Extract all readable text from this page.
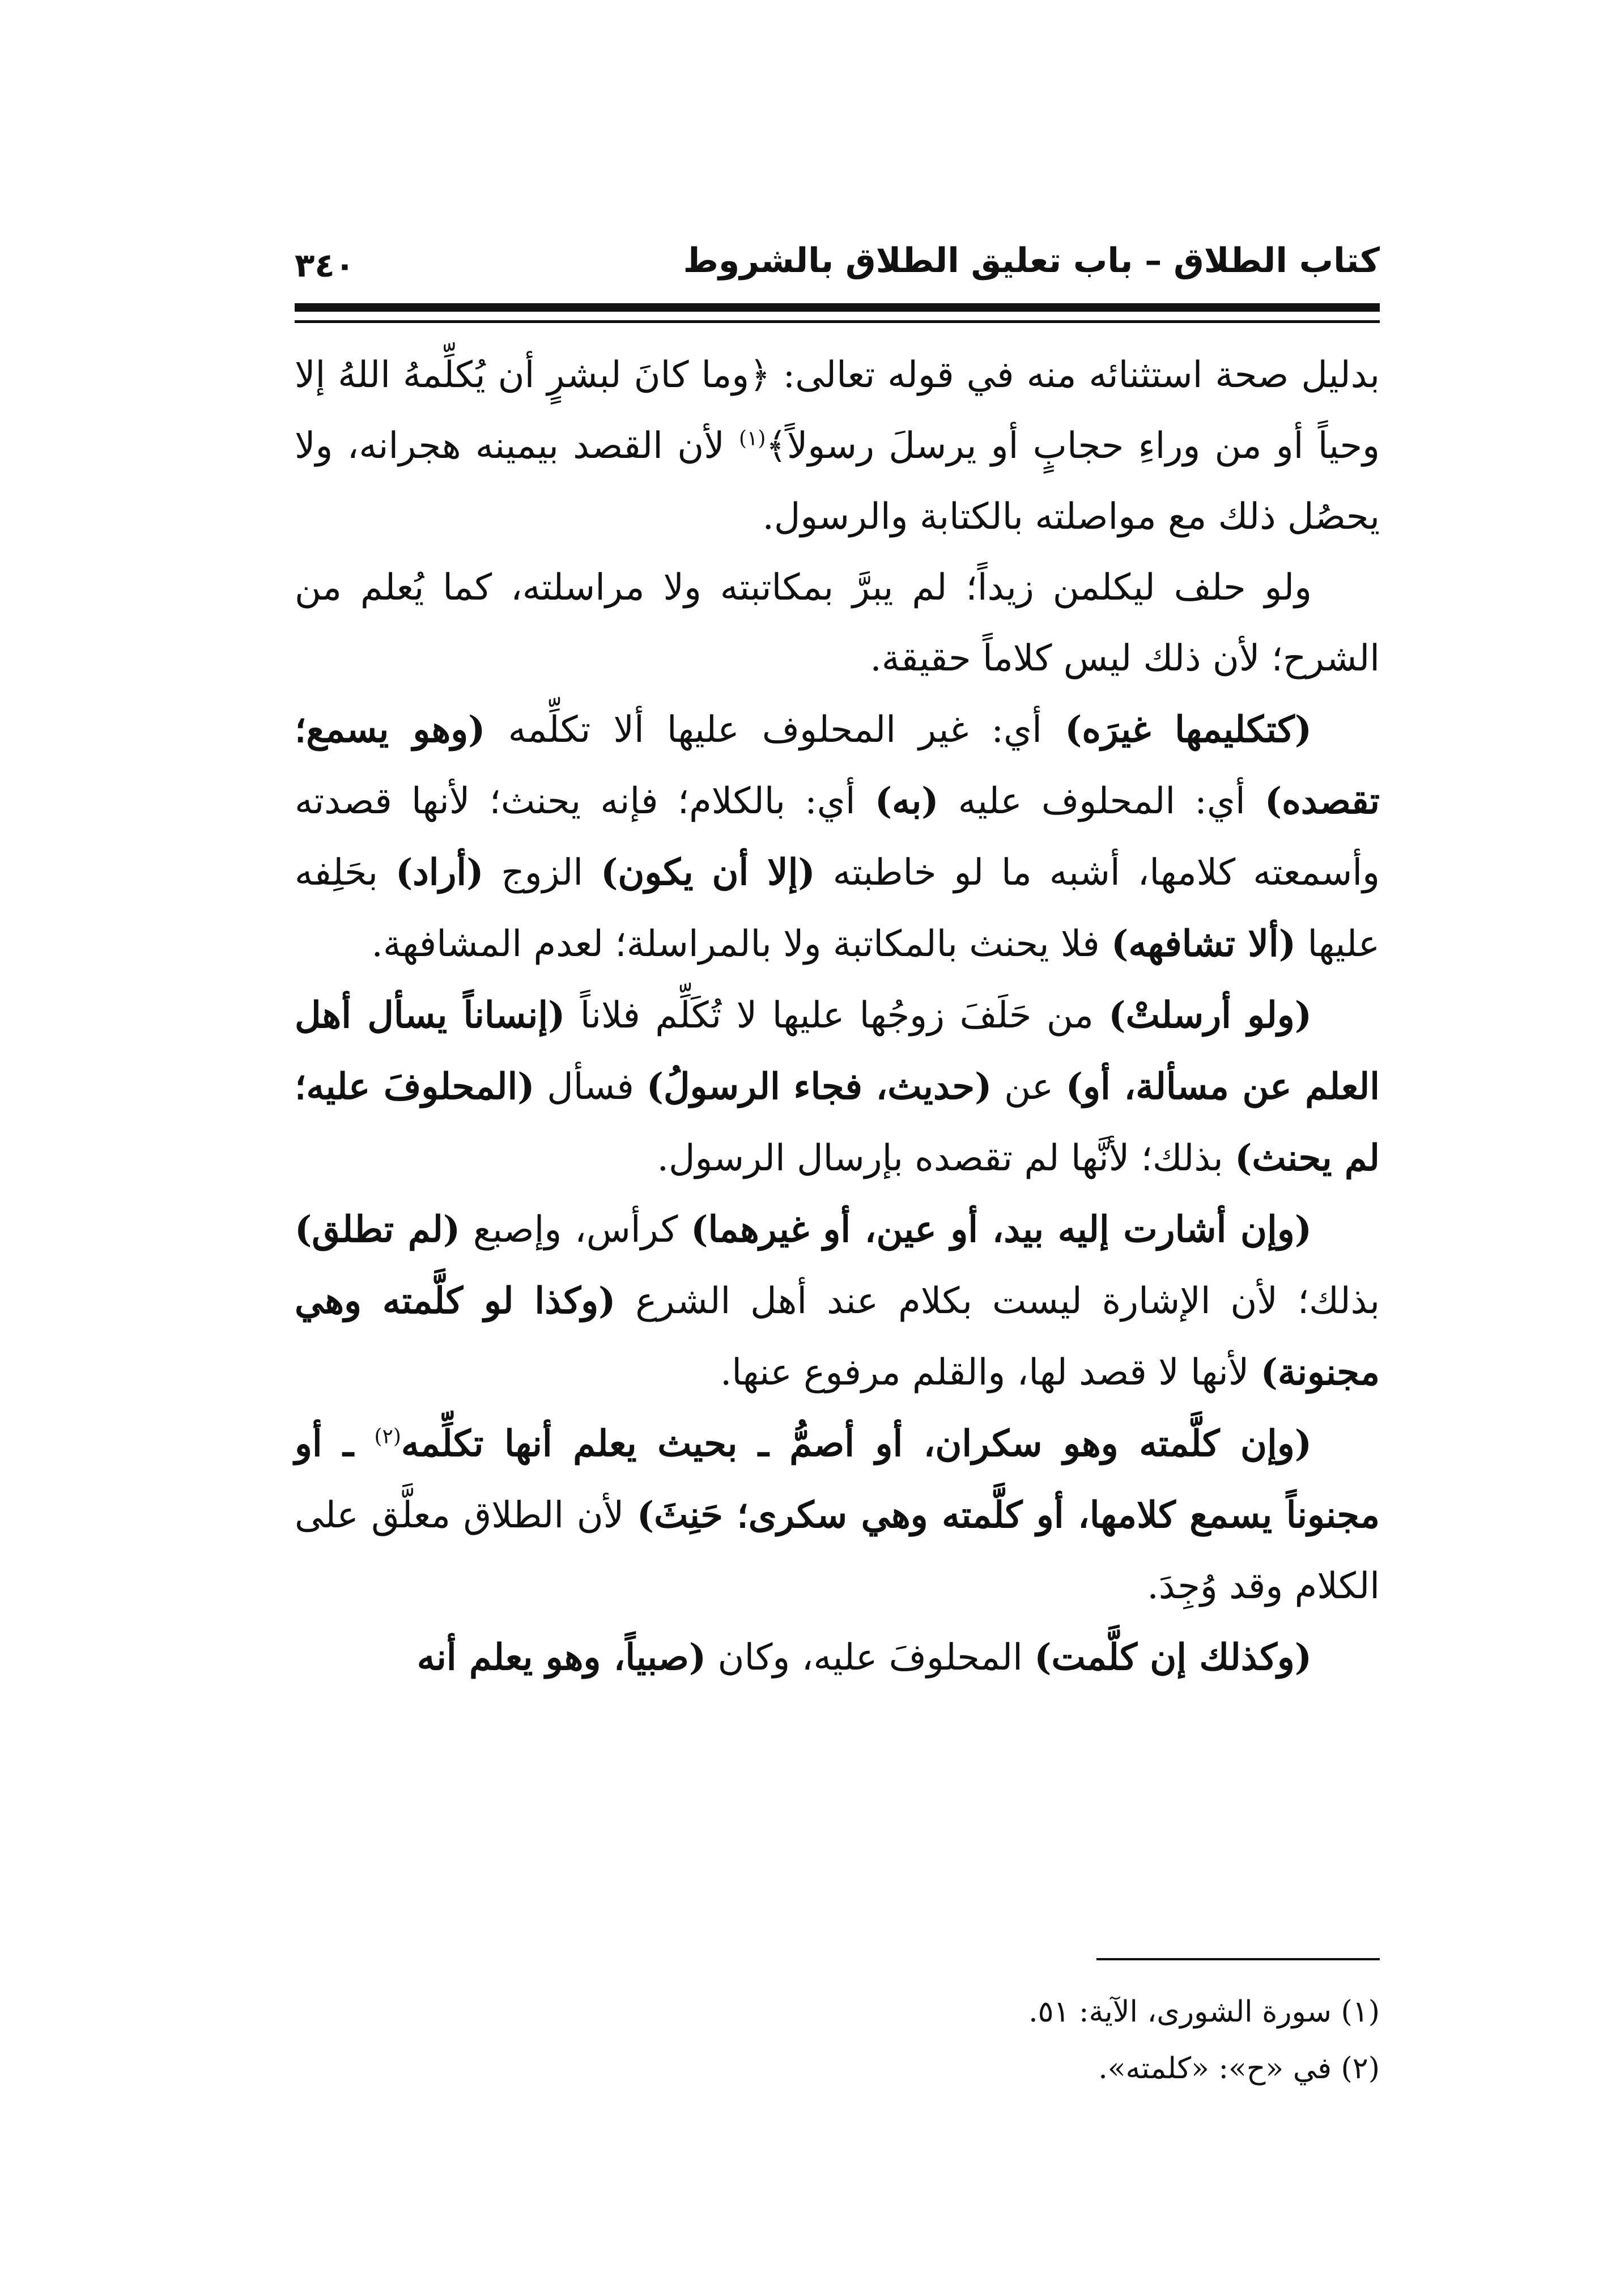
كتاب الطلاق – باب تعليق الطلاق بالشروط
٣٤٠

بدليل صحة استثنائه منه في قوله تعالى: ﴿وما كانَ لبشرٍ أن يُكلِّمهُ اللهُ إلا وحياً أو من وراءِ حجابٍ أو يرسلَ رسولاً﴾$^{(١)}$ لأن القصد بيمينه هجرانه، ولا يحصُل ذلك مع مواصلته بالكتابة والرسول.

ولو حلف ليكلمن زيداً؛ لم يبرَّ بمكاتبته ولا مراسلته، كما يُعلم من الشرح؛ لأن ذلك ليس كلاماً حقيقة.

(كتكليمها غيرَه) أي: غير المحلوف عليها ألا تكلِّمه (وهو يسمع؛ تقصده) أي: المحلوف عليه (به) أي: بالكلام؛ فإنه يحنث؛ لأنها قصدته وأسمعته كلامها، أشبه ما لو خاطبته (إلا أن يكون) الزوج (أراد) بحَلِفه عليها (ألا تشافهه) فلا يحنث بالمكاتبة ولا بالمراسلة؛ لعدم المشافهة.

(ولو أرسلتْ) من حَلَفَ زوجُها عليها لا تُكَلِّم فلاناً (إنساناً يسأل أهل العلم عن مسألة، أو) عن (حديث، فجاء الرسولُ) فسأل (المحلوفَ عليه؛ لم يحنث) بذلك؛ لأنَّها لم تقصده بإرسال الرسول.

(وإن أشارت إليه بيد، أو عين، أو غيرهما) كرأس، وإصبع (لم تطلق) بذلك؛ لأن الإشارة ليست بكلام عند أهل الشرع (وكذا لو كلَّمته وهي مجنونة) لأنها لا قصد لها، والقلم مرفوع عنها.

(وإن كلَّمته وهو سكران، أو أصمُّ ـ بحيث يعلم أنها تكلِّمه$^{(٢)}$ ـ أو مجنوناً يسمع كلامها، أو كلَّمته وهي سكرى؛ حَنِثَ) لأن الطلاق معلَّق على الكلام وقد وُجِدَ.

(وكذلك إن كلَّمت) المحلوفَ عليه، وكان (صبياً، وهو يعلم أنه

(١) سورة الشورى، الآية: ٥١.

(٢) في «ح»: «كلمته».
